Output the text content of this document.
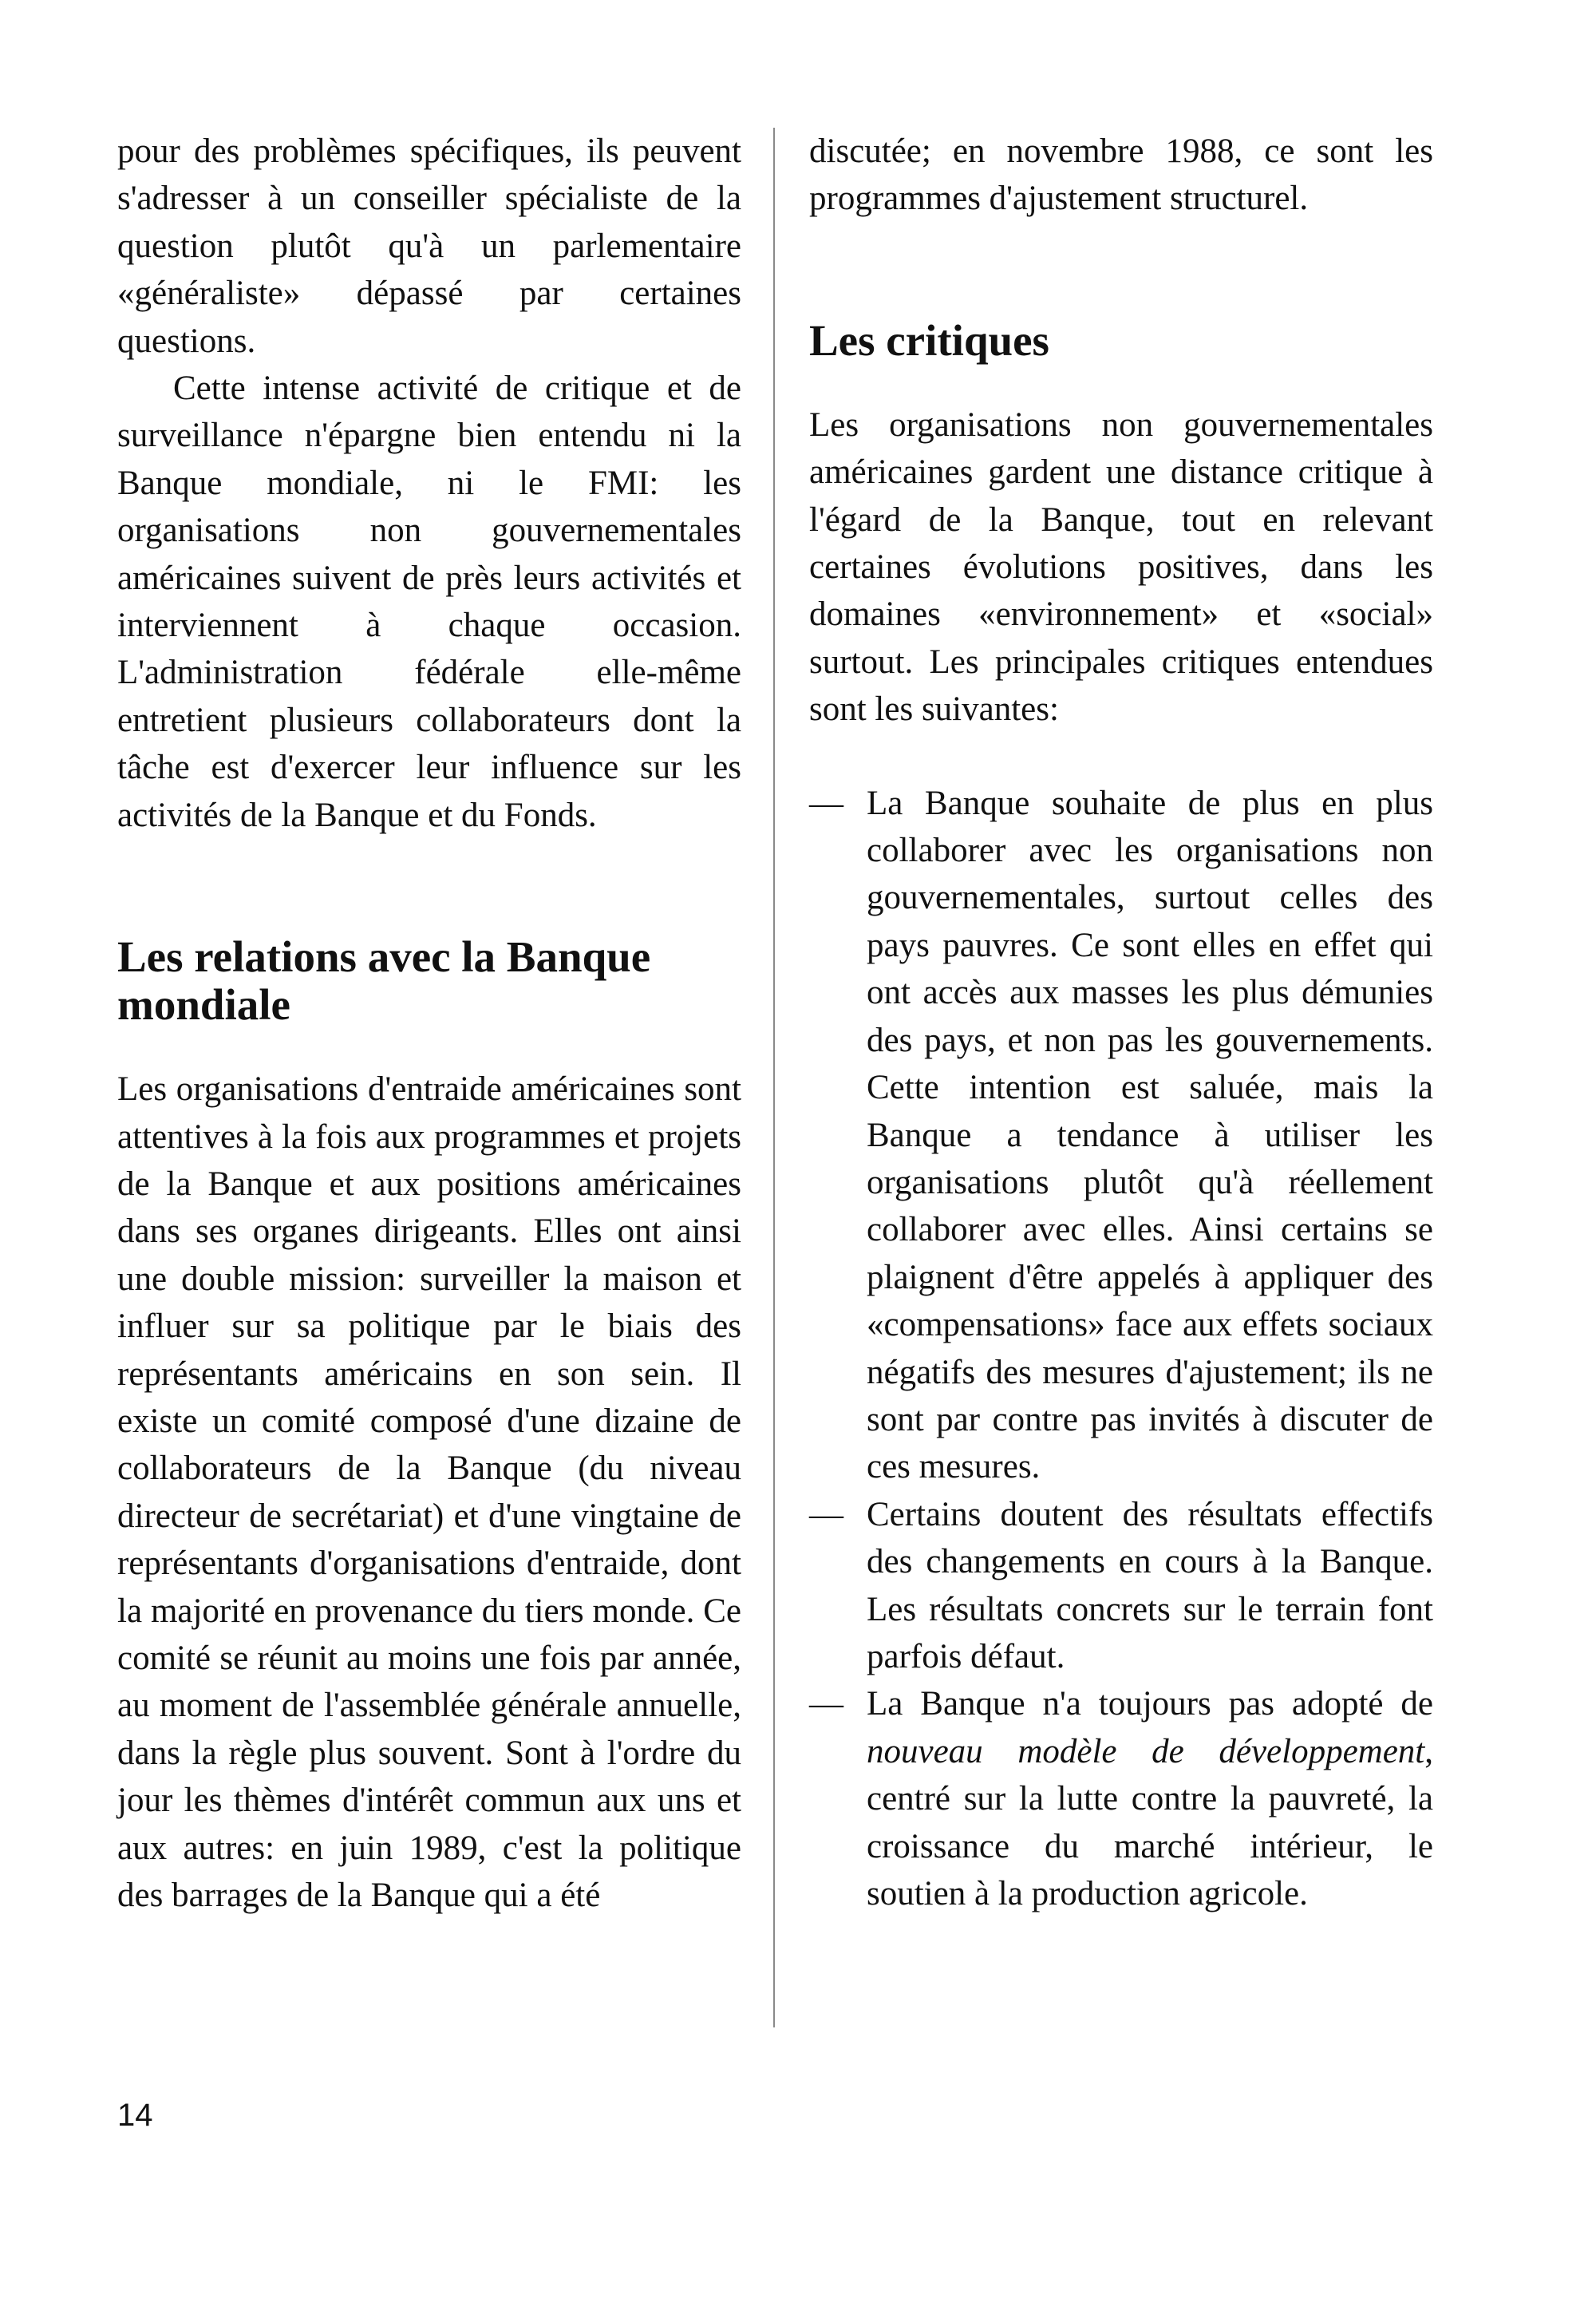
pour des problèmes spécifiques, ils peuvent s'adresser à un conseiller spécialiste de la question plutôt qu'à un parlementaire «généraliste» dépassé par certaines questions.

Cette intense activité de critique et de surveillance n'épargne bien entendu ni la Banque mondiale, ni le FMI: les organisations non gouvernementales américaines suivent de près leurs activités et interviennent à chaque occasion. L'administration fédérale elle-même entretient plusieurs collaborateurs dont la tâche est d'exercer leur influence sur les activités de la Banque et du Fonds.

Les relations avec la Banque mondiale

Les organisations d'entraide américaines sont attentives à la fois aux programmes et projets de la Banque et aux positions américaines dans ses organes dirigeants. Elles ont ainsi une double mission: surveiller la maison et influer sur sa politique par le biais des représentants américains en son sein. Il existe un comité composé d'une dizaine de collaborateurs de la Banque (du niveau directeur de secrétariat) et d'une vingtaine de représentants d'organisations d'entraide, dont la majorité en provenance du tiers monde. Ce comité se réunit au moins une fois par année, au moment de l'assemblée générale annuelle, dans la règle plus souvent. Sont à l'ordre du jour les thèmes d'intérêt commun aux uns et aux autres: en juin 1989, c'est la politique des barrages de la Banque qui a été

discutée; en novembre 1988, ce sont les programmes d'ajustement structurel.

Les critiques

Les organisations non gouvernementales américaines gardent une distance critique à l'égard de la Banque, tout en relevant certaines évolutions positives, dans les domaines «environnement» et «social» surtout. Les principales critiques entendues sont les suivantes:

— La Banque souhaite de plus en plus collaborer avec les organisations non gouvernementales, surtout celles des pays pauvres. Ce sont elles en effet qui ont accès aux masses les plus démunies des pays, et non pas les gouvernements. Cette intention est saluée, mais la Banque a tendance à utiliser les organisations plutôt qu'à réellement collaborer avec elles. Ainsi certains se plaignent d'être appelés à appliquer des «compensations» face aux effets sociaux négatifs des mesures d'ajustement; ils ne sont par contre pas invités à discuter de ces mesures.
— Certains doutent des résultats effectifs des changements en cours à la Banque. Les résultats concrets sur le terrain font parfois défaut.
— La Banque n'a toujours pas adopté de nouveau modèle de développement, centré sur la lutte contre la pauvreté, la croissance du marché intérieur, le soutien à la production agricole.
14
